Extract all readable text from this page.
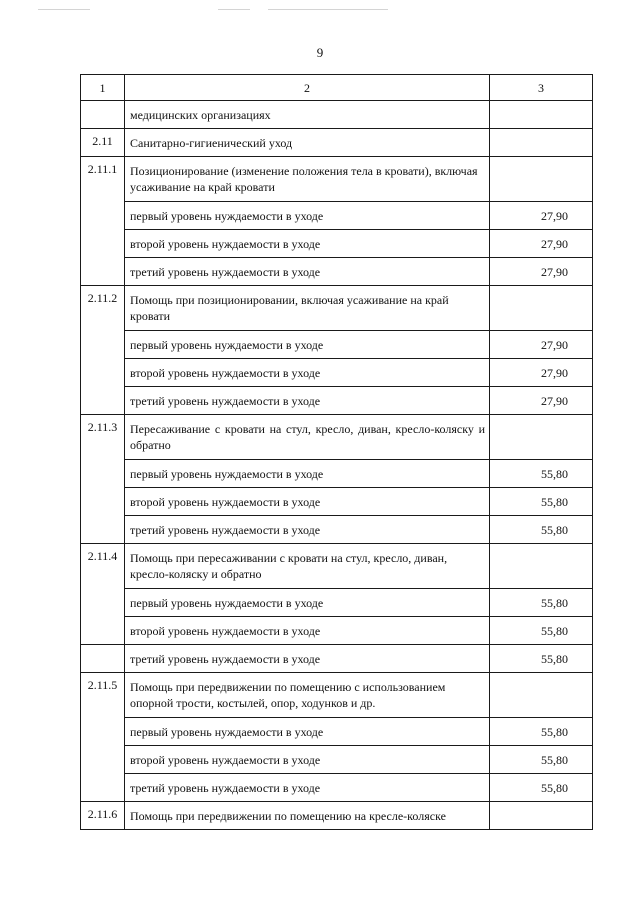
9
1	2	3
	медицинских организациях	
2.11	Санитарно-гигиенический уход	
2.11.1	Позиционирование (изменение положения тела в кровати), включая усаживание на край кровати	
	первый уровень нуждаемости в уходе	27,90
	второй уровень нуждаемости в уходе	27,90
	третий уровень нуждаемости в уходе	27,90
2.11.2	Помощь при позиционировании, включая усаживание на край кровати	
	первый уровень нуждаемости в уходе	27,90
	второй уровень нуждаемости в уходе	27,90
	третий уровень нуждаемости в уходе	27,90
2.11.3	Пересаживание с кровати на стул, кресло, диван, кресло-коляску и обратно	
	первый уровень нуждаемости в уходе	55,80
	второй уровень нуждаемости в уходе	55,80
	третий уровень нуждаемости в уходе	55,80
2.11.4	Помощь при пересаживании с кровати на стул, кресло, диван, кресло-коляску и обратно	
	первый уровень нуждаемости в уходе	55,80
	второй уровень нуждаемости в уходе	55,80
	третий уровень нуждаемости в уходе	55,80
2.11.5	Помощь при передвижении по помещению с использованием опорной трости, костылей, опор, ходунков и др.	
	первый уровень нуждаемости в уходе	55,80
	второй уровень нуждаемости в уходе	55,80
	третий уровень нуждаемости в уходе	55,80
2.11.6	Помощь при передвижении по помещению на кресле-коляске	
